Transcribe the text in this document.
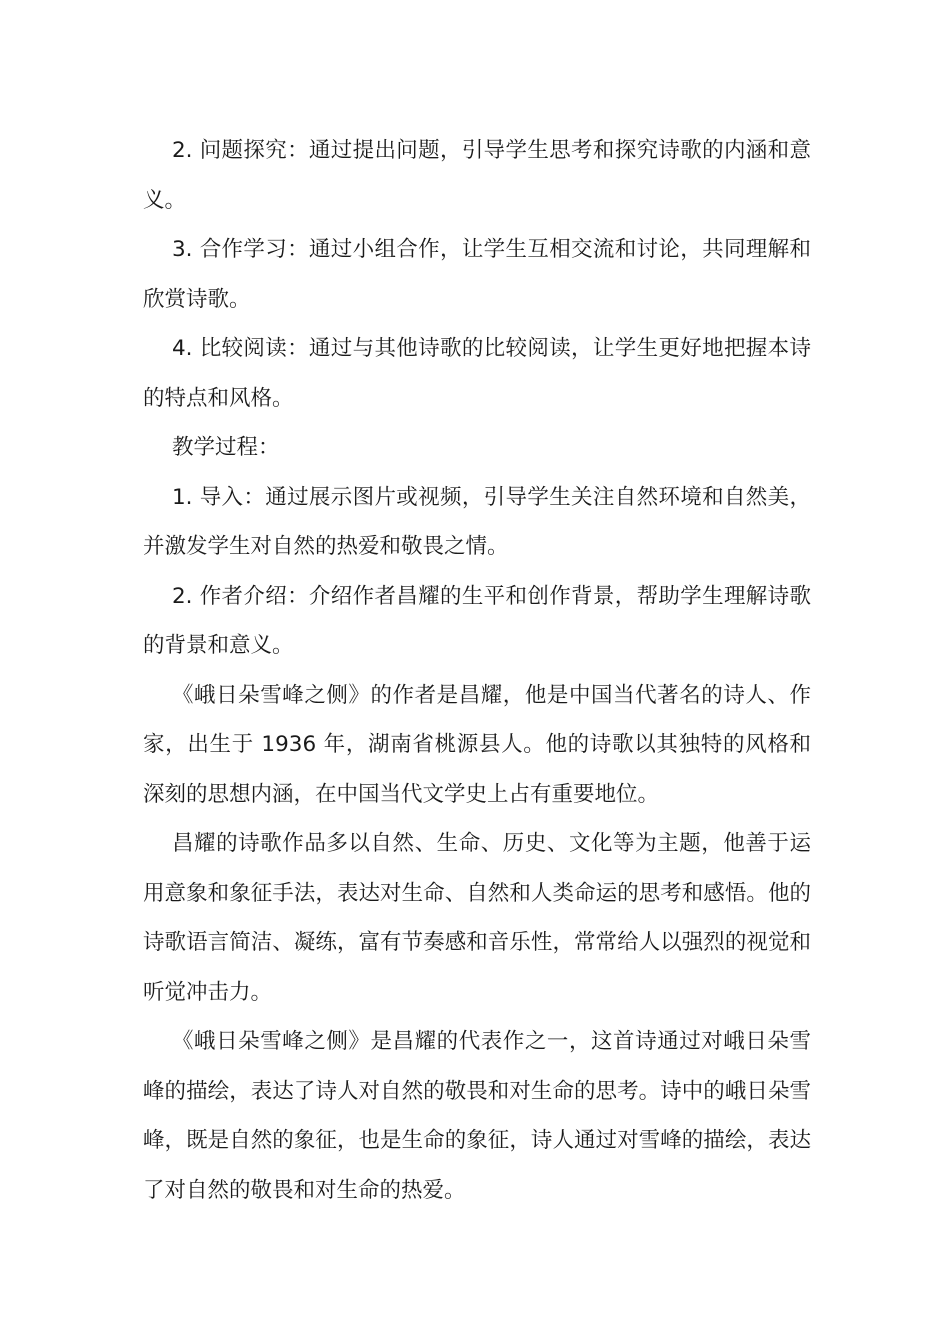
2. 问题探究：通过提出问题，引导学生思考和探究诗歌的内涵和意义。

3. 合作学习：通过小组合作，让学生互相交流和讨论，共同理解和欣赏诗歌。

4. 比较阅读：通过与其他诗歌的比较阅读，让学生更好地把握本诗的特点和风格。

教学过程：

1. 导入：通过展示图片或视频，引导学生关注自然环境和自然美，并激发学生对自然的热爱和敬畏之情。

2. 作者介绍：介绍作者昌耀的生平和创作背景，帮助学生理解诗歌的背景和意义。

《峨日朵雪峰之侧》的作者是昌耀，他是中国当代著名的诗人、作家，出生于 1936 年，湖南省桃源县人。他的诗歌以其独特的风格和深刻的思想内涵，在中国当代文学史上占有重要地位。

昌耀的诗歌作品多以自然、生命、历史、文化等为主题，他善于运用意象和象征手法，表达对生命、自然和人类命运的思考和感悟。他的诗歌语言简洁、凝练，富有节奏感和音乐性，常常给人以强烈的视觉和听觉冲击力。

《峨日朵雪峰之侧》是昌耀的代表作之一，这首诗通过对峨日朵雪峰的描绘，表达了诗人对自然的敬畏和对生命的思考。诗中的峨日朵雪峰，既是自然的象征，也是生命的象征，诗人通过对雪峰的描绘，表达了对自然的敬畏和对生命的热爱。
